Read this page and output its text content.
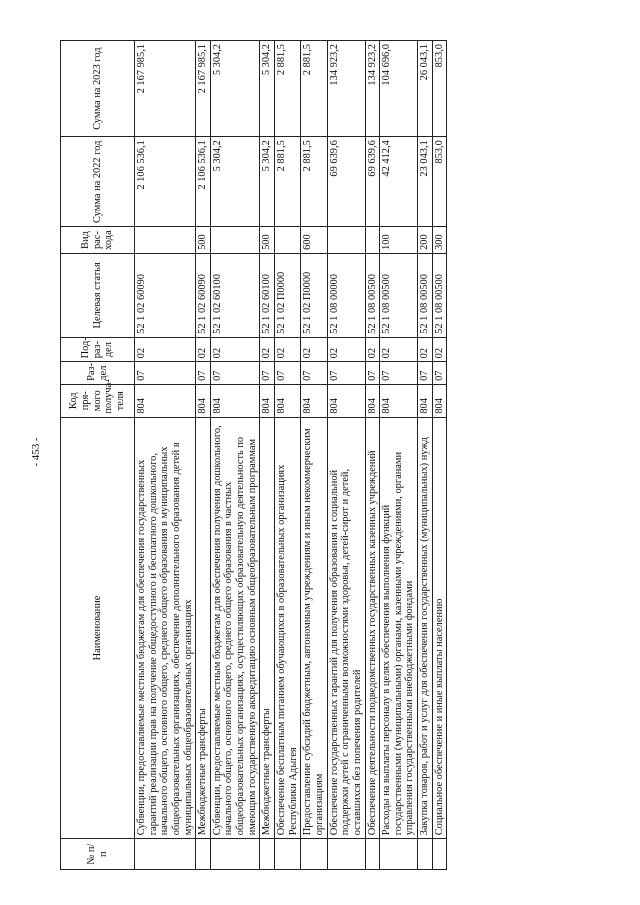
- 453 -
№ п/п	Наименование	Код пря-мого получа-теля	Раз-дел	Под-раз-дел	Целевая статья	Вид рас-хода	Сумма на 2022 год	Сумма на 2023 год
	Субвенции, предоставляемые местным бюджетам для обеспечения государственных гарантий реализации прав на получение общедоступного и бесплатного дошкольного, начального общего, основного общего, среднего общего образования в муниципальных общеобразовательных организациях, обеспечение дополнительного образования детей в муниципальных общеобразовательных организациях	804	07	02	52 1 02 60090		2 106 536,1	2 167 985,1
	Межбюджетные трансферты	804	07	02	52 1 02 60090	500	2 106 536,1	2 167 985,1
	Субвенции, предоставляемые местным бюджетам для обеспечения получения дошкольного, начального общего, основного общего, среднего общего образования в частных общеобразовательных организациях, осуществляющих образовательную деятельность по имеющим государственную аккредитацию основным общеобразовательным программам	804	07	02	52 1 02 60100		5 304,2	5 304,2
	Межбюджетные трансферты	804	07	02	52 1 02 60100	500	5 304,2	5 304,2
	Обеспечение бесплатным питанием обучающихся в образовательных организациях Республики Адыгея	804	07	02	52 1 02 П0000		2 881,5	2 881,5
	Предоставление субсидий бюджетным, автономным учреждениям и иным некоммерческим организациям	804	07	02	52 1 02 П0000	600	2 881,5	2 881,5
	Обеспечение государственных гарантий для получения образования и социальной поддержки детей с ограниченными возможностями здоровья, детей-сирот и детей, оставшихся без попечения родителей	804	07	02	52 1 08 00000		69 639,6	134 923,2
	Обеспечение деятельности подведомственных государственных казенных учреждений	804	07	02	52 1 08 00500		69 639,6	134 923,2
	Расходы на выплаты персоналу в целях обеспечения выполнения функций государственными (муниципальными) органами, казенными учреждениями, органами управления государственными внебюджетными фондами	804	07	02	52 1 08 00500	100	42 412,4	104 696,0
	Закупка товаров, работ и услуг для обеспечения государственных (муниципальных) нужд	804	07	02	52 1 08 00500	200	23 043,1	26 043,1
	Социальное обеспечение и иные выплаты населению	804	07	02	52 1 08 00500	300	853,0	853,0
